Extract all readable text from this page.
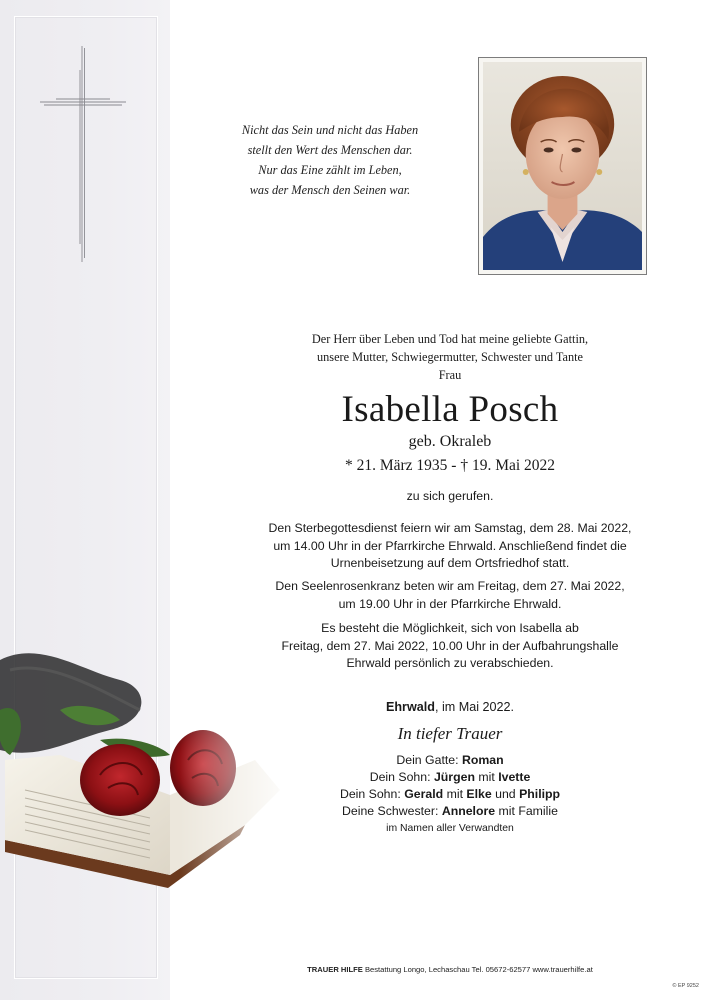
Nicht das Sein und nicht das Haben
stellt den Wert des Menschen dar.
Nur das Eine zählt im Leben,
was der Mensch den Seinen war.
Der Herr über Leben und Tod hat meine geliebte Gattin,
unsere Mutter, Schwiegermutter, Schwester und Tante
Frau
Isabella Posch
geb. Okraleb
* 21. März 1935 - † 19. Mai 2022
zu sich gerufen.
Den Sterbegottesdienst feiern wir am Samstag, dem 28. Mai 2022,
um 14.00 Uhr in der Pfarrkirche Ehrwald. Anschließend findet die
Urnenbeisetzung auf dem Ortsfriedhof statt.
Den Seelenrosenkranz beten wir am Freitag, dem 27. Mai 2022,
um 19.00 Uhr in der Pfarrkirche Ehrwald.
Es besteht die Möglichkeit, sich von Isabella ab
Freitag, dem 27. Mai 2022, 10.00 Uhr in der Aufbahrungshalle
Ehrwald persönlich zu verabschieden.
Ehrwald, im Mai 2022.
In tiefer Trauer
Dein Gatte: Roman
Dein Sohn: Jürgen mit Ivette
Dein Sohn: Gerald mit Elke und Philipp
Deine Schwester: Annelore mit Familie
im Namen aller Verwandten
TRAUER HILFE Bestattung Longo, Lechaschau Tel. 05672-62577 www.trauerhilfe.at
© EP 9252
